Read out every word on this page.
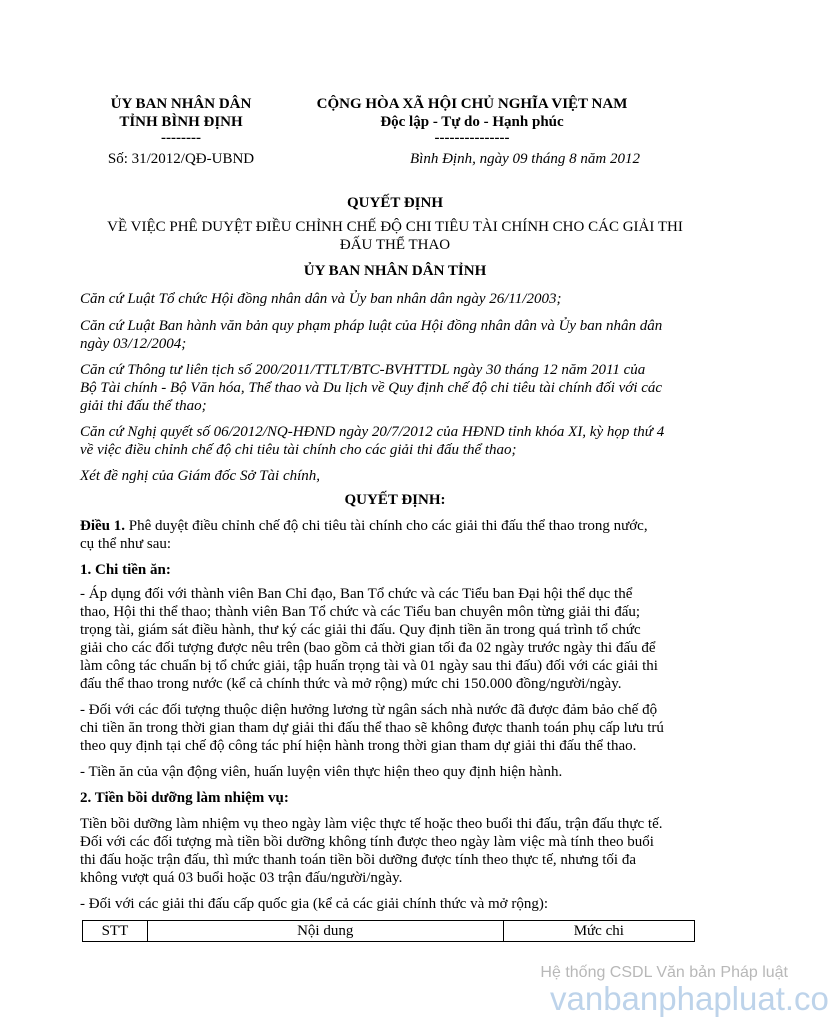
ỦY BAN NHÂN DÂN
TỈNH BÌNH ĐỊNH
--------
Số: 31/2012/QĐ-UBND
CỘNG HÒA XÃ HỘI CHỦ NGHĨA VIỆT NAM
Độc lập - Tự do - Hạnh phúc
---------------
Bình Định, ngày 09 tháng 8 năm 2012
QUYẾT ĐỊNH
VỀ VIỆC PHÊ DUYỆT ĐIỀU CHỈNH CHẾ ĐỘ CHI TIÊU TÀI CHÍNH CHO CÁC GIẢI THI
ĐẤU THỂ THAO
ỦY BAN NHÂN DÂN TỈNH
Căn cứ Luật Tổ chức Hội đồng nhân dân và Ủy ban nhân dân ngày 26/11/2003;
Căn cứ Luật Ban hành văn bản quy phạm pháp luật của Hội đồng nhân dân và Ủy ban nhân dân
ngày 03/12/2004;
Căn cứ Thông tư liên tịch số 200/2011/TTLT/BTC-BVHTTDL ngày 30 tháng 12 năm 2011 của
Bộ Tài chính - Bộ Văn hóa, Thể thao và Du lịch về Quy định chế độ chi tiêu tài chính đối với các
giải thi đấu thể thao;
Căn cứ Nghị quyết số 06/2012/NQ-HĐND ngày 20/7/2012 của HĐND tỉnh khóa XI, kỳ họp thứ 4
về việc điều chỉnh chế độ chi tiêu tài chính cho các giải thi đấu thể thao;
Xét đề nghị của Giám đốc Sở Tài chính,
QUYẾT ĐỊNH:
Điều 1. Phê duyệt điều chỉnh chế độ chi tiêu tài chính cho các giải thi đấu thể thao trong nước,
cụ thể như sau:
1. Chi tiền ăn:
- Áp dụng đối với thành viên Ban Chỉ đạo, Ban Tổ chức và các Tiểu ban Đại hội thể dục thể
thao, Hội thi thể thao; thành viên Ban Tổ chức và các Tiểu ban chuyên môn từng giải thi đấu;
trọng tài, giám sát điều hành, thư ký các giải thi đấu. Quy định tiền ăn trong quá trình tổ chức
giải cho các đối tượng được nêu trên (bao gồm cả thời gian tối đa 02 ngày trước ngày thi đấu để
làm công tác chuẩn bị tổ chức giải, tập huấn trọng tài và 01 ngày sau thi đấu) đối với các giải thi
đấu thể thao trong nước (kể cả chính thức và mở rộng) mức chi 150.000 đồng/người/ngày.
- Đối với các đối tượng thuộc diện hưởng lương từ ngân sách nhà nước đã được đảm bảo chế độ
chi tiền ăn trong thời gian tham dự giải thi đấu thể thao sẽ không được thanh toán phụ cấp lưu trú
theo quy định tại chế độ công tác phí hiện hành trong thời gian tham dự giải thi đấu thể thao.
- Tiền ăn của vận động viên, huấn luyện viên thực hiện theo quy định hiện hành.
2. Tiền bồi dưỡng làm nhiệm vụ:
Tiền bồi dưỡng làm nhiệm vụ theo ngày làm việc thực tế hoặc theo buổi thi đấu, trận đấu thực tế.
Đối với các đối tượng mà tiền bồi dưỡng không tính được theo ngày làm việc mà tính theo buổi
thi đấu hoặc trận đấu, thì mức thanh toán tiền bồi dưỡng được tính theo thực tế, nhưng tối đa
không vượt quá 03 buổi hoặc 03 trận đấu/người/ngày.
- Đối với các giải thi đấu cấp quốc gia (kể cả các giải chính thức và mở rộng):
STT	Nội dung	Mức chi
Hệ thống CSDL Văn bản Pháp luật
vanbanphapluat.co
